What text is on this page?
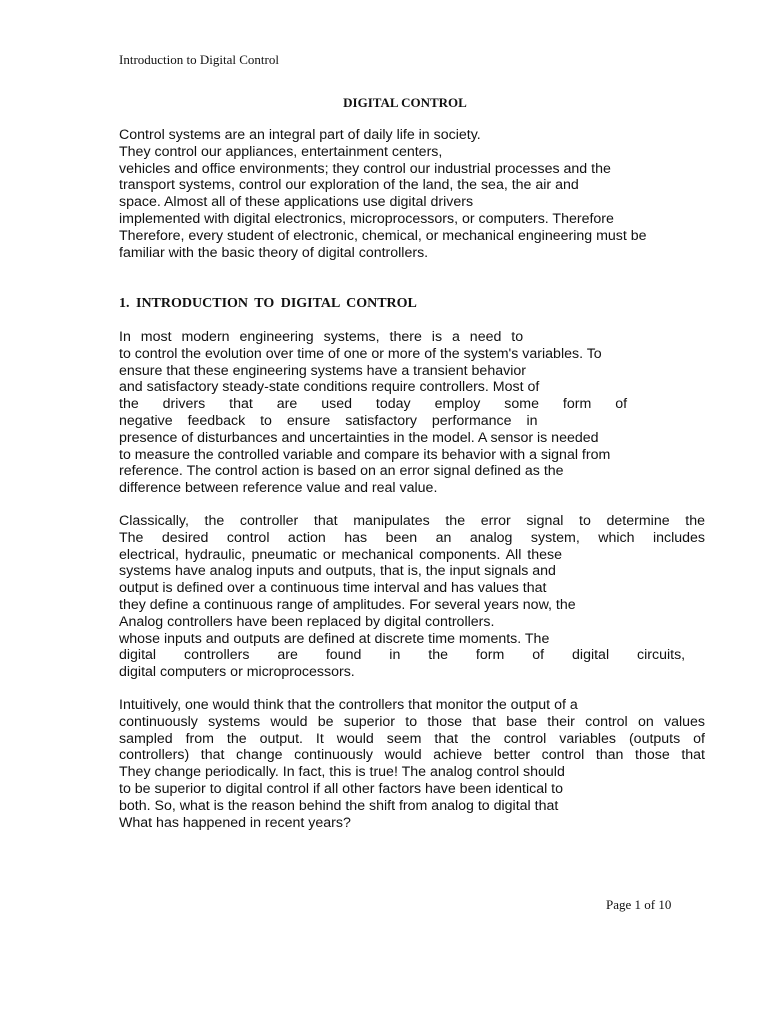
Introduction to Digital Control
DIGITAL CONTROL
Control systems are an integral part of daily life in society.
They control our appliances, entertainment centers,
vehicles and office environments; they control our industrial processes and the
transport systems, control our exploration of the land, the sea, the air and
space. Almost all of these applications use digital drivers
implemented with digital electronics, microprocessors, or computers. Therefore
Therefore, every student of electronic, chemical, or mechanical engineering must be
familiar with the basic theory of digital controllers.
1. INTRODUCTION TO DIGITAL CONTROL
In most modern engineering systems, there is a need to
to control the evolution over time of one or more of the system's variables. To
ensure that these engineering systems have a transient behavior
and satisfactory steady-state conditions require controllers. Most of
the drivers that are used today employ some form of
negative feedback to ensure satisfactory performance in
presence of disturbances and uncertainties in the model. A sensor is needed
to measure the controlled variable and compare its behavior with a signal from
reference. The control action is based on an error signal defined as the
difference between reference value and real value.
Classically, the controller that manipulates the error signal to determine the
The desired control action has been an analog system, which includes
electrical, hydraulic, pneumatic or mechanical components. All these
systems have analog inputs and outputs, that is, the input signals and
output is defined over a continuous time interval and has values that
they define a continuous range of amplitudes. For several years now, the
Analog controllers have been replaced by digital controllers.
whose inputs and outputs are defined at discrete time moments. The
digital controllers are found in the form of digital circuits,
digital computers or microprocessors.
Intuitively, one would think that the controllers that monitor the output of a
continuously systems would be superior to those that base their control on values
sampled from the output. It would seem that the control variables (outputs of
controllers) that change continuously would achieve better control than those that
They change periodically. In fact, this is true! The analog control should
to be superior to digital control if all other factors have been identical to
both. So, what is the reason behind the shift from analog to digital that
What has happened in recent years?
Page 1 of 10
